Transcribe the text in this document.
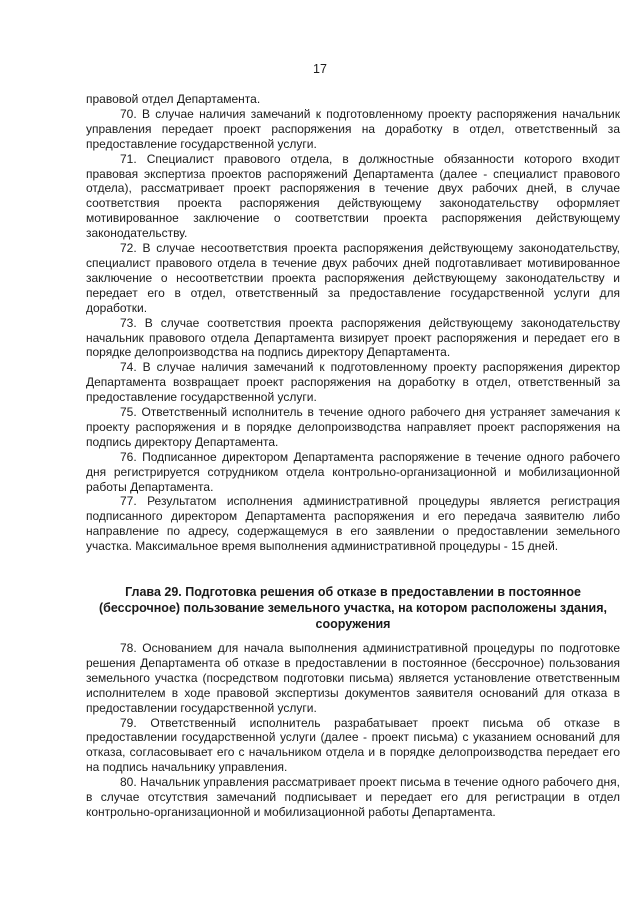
17

правовой отдел Департамента.

70. В случае наличия замечаний к подготовленному проекту распоряжения начальник управления передает проект распоряжения на доработку в отдел, ответственный за предоставление государственной услуги.

71. Специалист правового отдела, в должностные обязанности которого входит правовая экспертиза проектов распоряжений Департамента (далее - специалист правового отдела), рассматривает проект распоряжения в течение двух рабочих дней, в случае соответствия проекта распоряжения действующему законодательству оформляет мотивированное заключение о соответствии проекта распоряжения действующему законодательству.

72. В случае несоответствия проекта распоряжения действующему законодательству, специалист правового отдела в течение двух рабочих дней подготавливает мотивированное заключение о несоответствии проекта распоряжения действующему законодательству и передает его в отдел, ответственный за предоставление государственной услуги для доработки.

73. В случае соответствия проекта распоряжения действующему законодательству начальник правового отдела Департамента визирует проект распоряжения и передает его в порядке делопроизводства на подпись директору Департамента.

74. В случае наличия замечаний к подготовленному проекту распоряжения директор Департамента возвращает проект распоряжения на доработку в отдел, ответственный за предоставление государственной услуги.

75. Ответственный исполнитель в течение одного рабочего дня устраняет замечания к проекту распоряжения и в порядке делопроизводства направляет проект распоряжения на подпись директору Департамента.

76. Подписанное директором Департамента распоряжение в течение одного рабочего дня регистрируется сотрудником отдела контрольно-организационной и мобилизационной работы Департамента.

77. Результатом исполнения административной процедуры является регистрация подписанного директором Департамента распоряжения и его передача заявителю либо направление по адресу, содержащемуся в его заявлении о предоставлении земельного участка. Максимальное время выполнения административной процедуры - 15 дней.

Глава 29. Подготовка решения об отказе в предоставлении в постоянное (бессрочное) пользование земельного участка, на котором расположены здания, сооружения

78. Основанием для начала выполнения административной процедуры по подготовке решения Департамента об отказе в предоставлении в постоянное (бессрочное) пользования земельного участка (посредством подготовки письма) является установление ответственным исполнителем в ходе правовой экспертизы документов заявителя оснований для отказа в предоставлении государственной услуги.

79. Ответственный исполнитель разрабатывает проект письма об отказе в предоставлении государственной услуги (далее - проект письма) с указанием оснований для отказа, согласовывает его с начальником отдела и в порядке делопроизводства передает его на подпись начальнику управления.

80. Начальник управления рассматривает проект письма в течение одного рабочего дня, в случае отсутствия замечаний подписывает и передает его для регистрации в отдел контрольно-организационной и мобилизационной работы Департамента.
